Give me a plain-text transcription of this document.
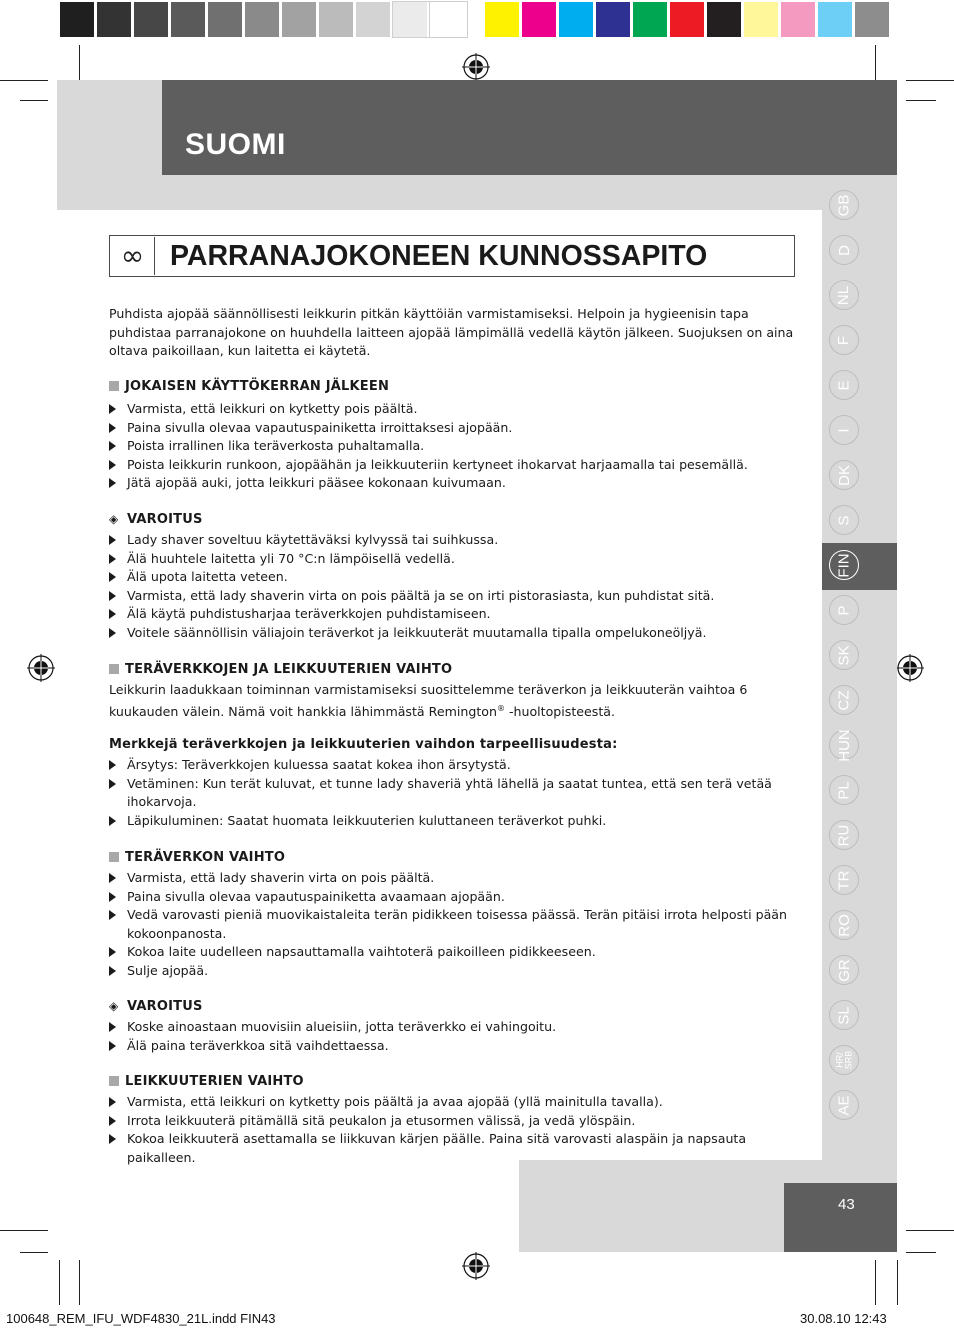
SUOMI
∞ PARRANAJOKONEEN KUNNOSSAPITO
Puhdista ajopää säännöllisesti leikkurin pitkän käyttöiän varmistamiseksi. Helpoin ja hygieenisin tapa puhdistaa parranajokone on huuhdella laitteen ajopää lämpimällä vedellä käytön jälkeen. Suojuksen on aina oltava paikoillaan, kun laitetta ei käytetä.
JOKAISEN KÄYTTÖKERRAN JÄLKEEN
Varmista, että leikkuri on kytketty pois päältä.
Paina sivulla olevaa vapautuspainiketta irroittaksesi ajopään.
Poista irrallinen lika teräverkosta puhaltamalla.
Poista leikkurin runkoon, ajopäähän ja leikkuuteriin kertyneet ihokarvat harjaamalla tai pesemällä.
Jätä ajopää auki, jotta leikkuri pääsee kokonaan kuivumaan.
◈ VAROITUS
Lady shaver soveltuu käytettäväksi kylvyssä tai suihkussa.
Älä huuhtele laitetta yli 70 °C:n lämpöisellä vedellä.
Älä upota laitetta veteen.
Varmista, että lady shaverin virta on pois päältä ja se on irti pistorasiasta, kun puhdistat sitä.
Älä käytä puhdistusharjaa teräverkkojen puhdistamiseen.
Voitele säännöllisin väliajoin teräverkot ja leikkuuterät muutamalla tipalla ompelukoneöljyä.
TERÄVERKKOJEN JA LEIKKUUTERIEN VAIHTO
Leikkurin laadukkaan toiminnan varmistamiseksi suosittelemme teräverkon ja leikkuuterän vaihtoa 6 kuukauden välein. Nämä voit hankkia lähimmästä Remington® -huoltopisteestä.
Merkkejä teräverkkojen ja leikkuuterien vaihdon tarpeellisuudesta:
Ärsytys: Teräverkkojen kuluessa saatat kokea ihon ärsytystä.
Vetäminen: Kun terät kuluvat, et tunne lady shaveriä yhtä lähellä ja saatat tuntea, että sen terä vetää ihokarvoja.
Läpikuluminen: Saatat huomata leikkuuterien kuluttaneen teräverkot puhki.
TERÄVERKON VAIHTO
Varmista, että lady shaverin virta on pois päältä.
Paina sivulla olevaa vapautuspainiketta avaamaan ajopään.
Vedä varovasti pieniä muovikaistaleita terän pidikkeen toisessa päässä. Terän pitäisi irrota helposti pään kokoonpanosta.
Kokoa laite uudelleen napsauttamalla vaihtoterä paikoilleen pidikkeeseen.
Sulje ajopää.
◈ VAROITUS
Koske ainoastaan muovisiin alueisiin, jotta teräverkko ei vahingoitu.
Älä paina teräverkkoa sitä vaihdettaessa.
LEIKKUUTERIEN VAIHTO
Varmista, että leikkuri on kytketty pois päältä ja avaa ajopää (yllä mainitulla tavalla).
Irrota leikkuuterä pitämällä sitä peukalon ja etusormen välissä, ja vedä ylöspäin.
Kokoa leikkuuterä asettamalla se liikkuvan kärjen päälle. Paina sitä varovasti alaspäin ja napsauta paikalleen.
GB
D
NL
F
E
I
DK
S
FIN
P
SK
CZ
HUN
PL
RU
TR
RO
GR
SL
HR/
SRB
AE
43
100648_REM_IFU_WDF4830_21L.indd FIN43	30.08.10 12:43
